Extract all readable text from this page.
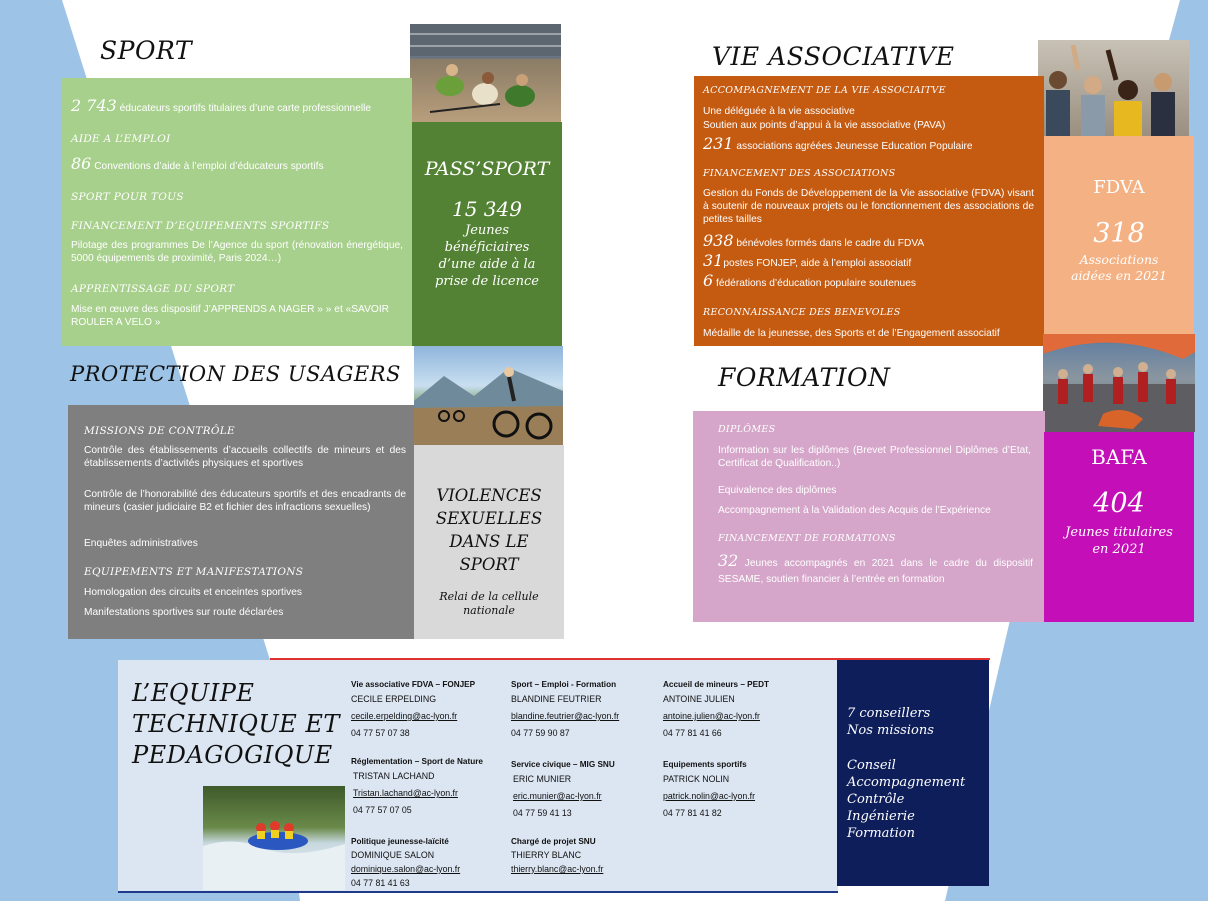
SPORT
2 743 éducateurs sportifs titulaires d’une carte professionnelle
AIDE A L’EMPLOI
86 Conventions d’aide à l’emploi d’éducateurs sportifs
SPORT POUR TOUS
FINANCEMENT D’EQUIPEMENTS SPORTIFS
Pilotage des programmes De l’Agence du sport (rénovation énergétique, 5000 équipements de proximité, Paris 2024…)
APPRENTISSAGE DU SPORT
Mise en œuvre des dispositif J’APPRENDS A NAGER » » et «SAVOIR ROULER A VELO »
PASS’SPORT
15 349
Jeunes bénéficiaires d’une aide à la prise de licence
PROTECTION DES USAGERS
MISSIONS DE CONTRÔLE
Contrôle des établissements d’accueils collectifs de mineurs et des établissements d’activités physiques et sportives
Contrôle de l’honorabilité des éducateurs sportifs et des encadrants de mineurs (casier judiciaire B2 et fichier des infractions sexuelles)
Enquêtes administratives
EQUIPEMENTS ET MANIFESTATIONS
Homologation des circuits et enceintes sportives
Manifestations sportives sur route déclarées
VIOLENCES SEXUELLES DANS LE SPORT
Relai de la cellule nationale
VIE ASSOCIATIVE
ACCOMPAGNEMENT DE LA VIE ASSOCIAITVE
Une déléguée à la vie associative
Soutien aux points d’appui à la vie associative (PAVA)
231 associations agréées Jeunesse Education Populaire
FINANCEMENT DES ASSOCIATIONS
Gestion du Fonds de Développement de la Vie associative (FDVA) visant à soutenir de nouveaux projets ou le fonctionnement des associations de petites tailles
938 bénévoles formés dans le cadre du FDVA
31postes FONJEP, aide à l’emploi associatif
6 fédérations d’éducation populaire soutenues
RECONNAISSANCE DES BENEVOLES
Médaille de la jeunesse, des Sports et de l’Engagement associatif
FDVA
318
Associations aidées en 2021
FORMATION
DIPLÔMES
Information sur les diplômes (Brevet Professionnel Diplômes d’Etat, Certificat de Qualification..)
Equivalence des diplômes
Accompagnement à la Validation des Acquis de l’Expérience
FINANCEMENT DE FORMATIONS
32 Jeunes accompagnés en 2021 dans le cadre du dispositif SESAME, soutien financier à l’entrée en formation
BAFA
404
Jeunes titulaires en 2021
L’EQUIPE
TECHNIQUE ET
PEDAGOGIQUE
Vie associative FDVA – FONJEP
CECILE ERPELDING
cecile.erpelding@ac-lyon.fr
04 77 57 07 38
Sport – Emploi - Formation
BLANDINE FEUTRIER
blandine.feutrier@ac-lyon.fr
04 77 59 90 87
Accueil de mineurs – PEDT
ANTOINE JULIEN
antoine.julien@ac-lyon.fr
04 77 81 41 66
Réglementation – Sport de Nature
TRISTAN LACHAND
Tristan.lachand@ac-lyon.fr
04 77 57 07 05
Service civique – MIG SNU
ERIC MUNIER
eric.munier@ac-lyon.fr
04 77 59 41 13
Equipements sportifs
PATRICK NOLIN
patrick.nolin@ac-lyon.fr
04 77 81 41 82
Politique jeunesse-laïcité
DOMINIQUE SALON
dominique.salon@ac-lyon.fr
04 77 81 41 63
Chargé de projet SNU
THIERRY BLANC
thierry.blanc@ac-lyon.fr
7 conseillers
Nos missions
Conseil
Accompagnement
Contrôle
Ingénierie
Formation
